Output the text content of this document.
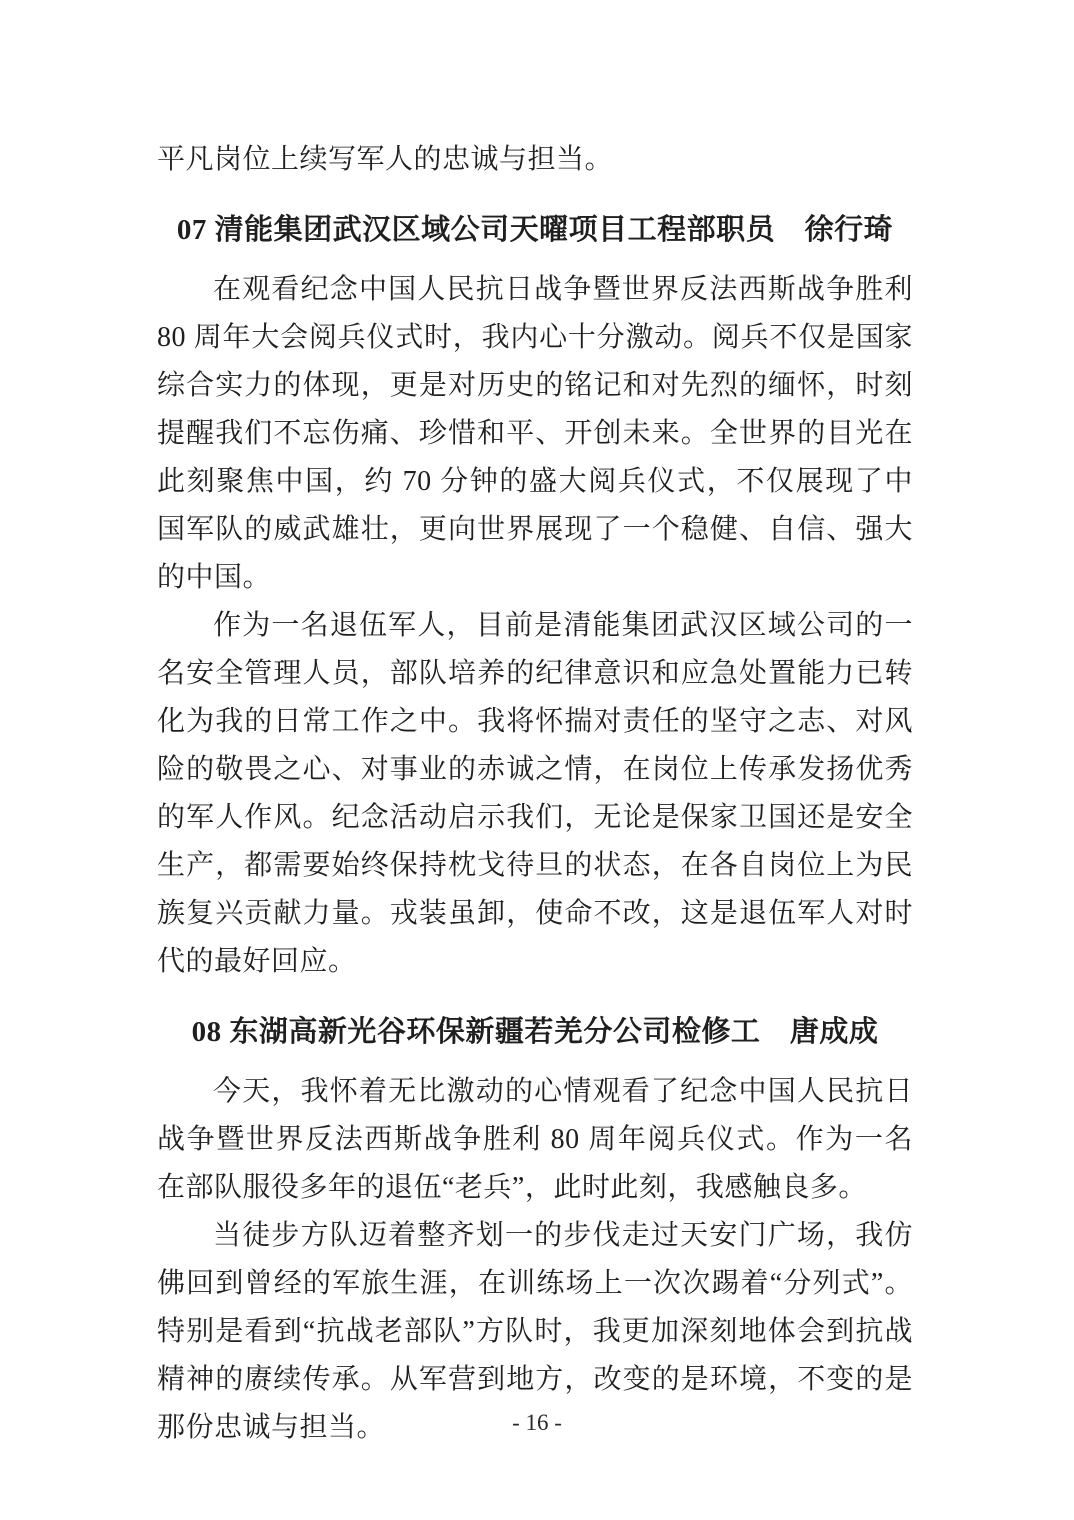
平凡岗位上续写军人的忠诚与担当。

07 清能集团武汉区域公司天曜项目工程部职员　徐行琦

在观看纪念中国人民抗日战争暨世界反法西斯战争胜利 80 周年大会阅兵仪式时，我内心十分激动。阅兵不仅是国家综合实力的体现，更是对历史的铭记和对先烈的缅怀，时刻提醒我们不忘伤痛、珍惜和平、开创未来。全世界的目光在此刻聚焦中国，约 70 分钟的盛大阅兵仪式，不仅展现了中国军队的威武雄壮，更向世界展现了一个稳健、自信、强大的中国。

作为一名退伍军人，目前是清能集团武汉区域公司的一名安全管理人员，部队培养的纪律意识和应急处置能力已转化为我的日常工作之中。我将怀揣对责任的坚守之志、对风险的敬畏之心、对事业的赤诚之情，在岗位上传承发扬优秀的军人作风。纪念活动启示我们，无论是保家卫国还是安全生产，都需要始终保持枕戈待旦的状态，在各自岗位上为民族复兴贡献力量。戎装虽卸，使命不改，这是退伍军人对时代的最好回应。

08 东湖高新光谷环保新疆若羌分公司检修工　唐成成

今天，我怀着无比激动的心情观看了纪念中国人民抗日战争暨世界反法西斯战争胜利 80 周年阅兵仪式。作为一名在部队服役多年的退伍“老兵”，此时此刻，我感触良多。

当徒步方队迈着整齐划一的步伐走过天安门广场，我仿佛回到曾经的军旅生涯，在训练场上一次次踢着“分列式”。特别是看到“抗战老部队”方队时，我更加深刻地体会到抗战精神的赓续传承。从军营到地方，改变的是环境，不变的是那份忠诚与担当。	- 16 -
